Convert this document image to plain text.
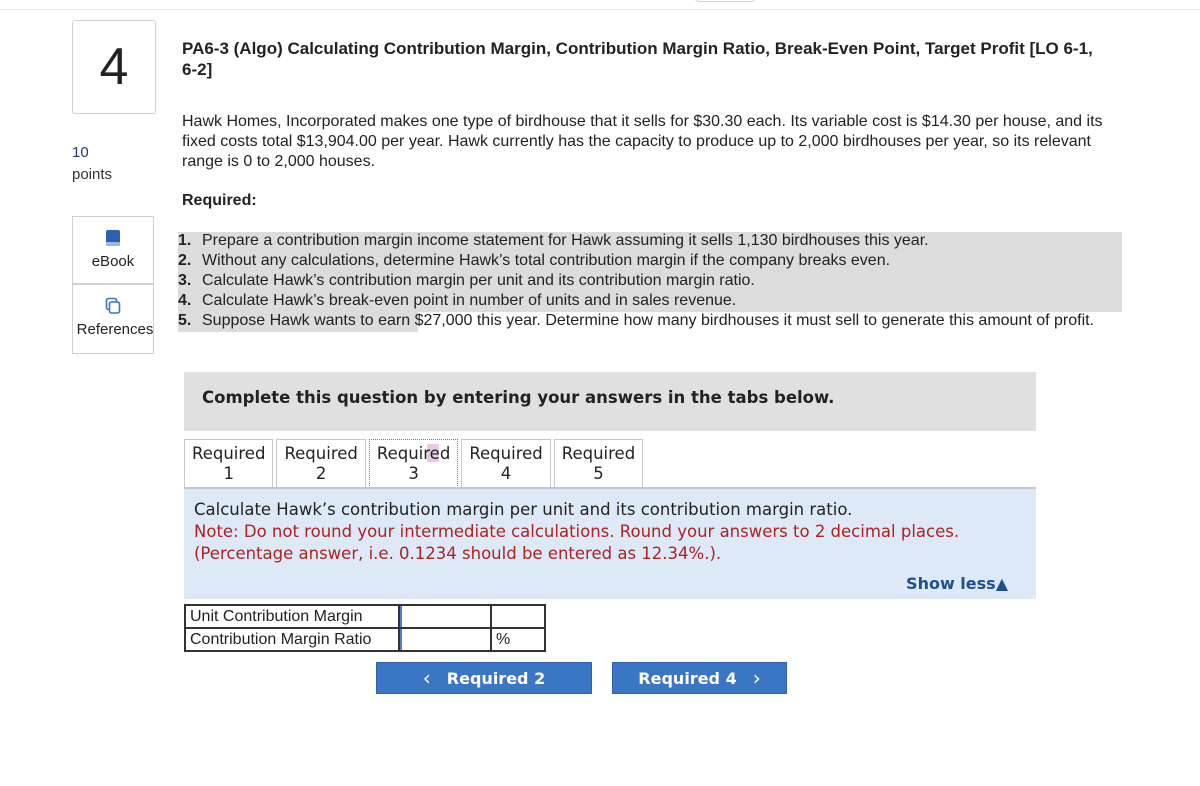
4
10
points
eBook
References
PA6-3 (Algo) Calculating Contribution Margin, Contribution Margin Ratio, Break-Even Point, Target Profit [LO 6-1, 6-2]
Hawk Homes, Incorporated makes one type of birdhouse that it sells for $30.30 each. Its variable cost is $14.30 per house, and its fixed costs total $13,904.00 per year. Hawk currently has the capacity to produce up to 2,000 birdhouses per year, so its relevant range is 0 to 2,000 houses.
Required:
1. Prepare a contribution margin income statement for Hawk assuming it sells 1,130 birdhouses this year.
2. Without any calculations, determine Hawk’s total contribution margin if the company breaks even.
3. Calculate Hawk’s contribution margin per unit and its contribution margin ratio.
4. Calculate Hawk’s break-even point in number of units and in sales revenue.
5. Suppose Hawk wants to earn $27,000 this year. Determine how many birdhouses it must sell to generate this amount of profit.
Complete this question by entering your answers in the tabs below.
Required
1
Required
2
Required
3
Required
4
Required
5
Calculate Hawk’s contribution margin per unit and its contribution margin ratio.
Note: Do not round your intermediate calculations. Round your answers to 2 decimal places. (Percentage answer, i.e. 0.1234 should be entered as 12.34%.).
Show less▲
Unit Contribution Margin		
Contribution Margin Ratio		%
‹ Required 2	Required 4 ›
